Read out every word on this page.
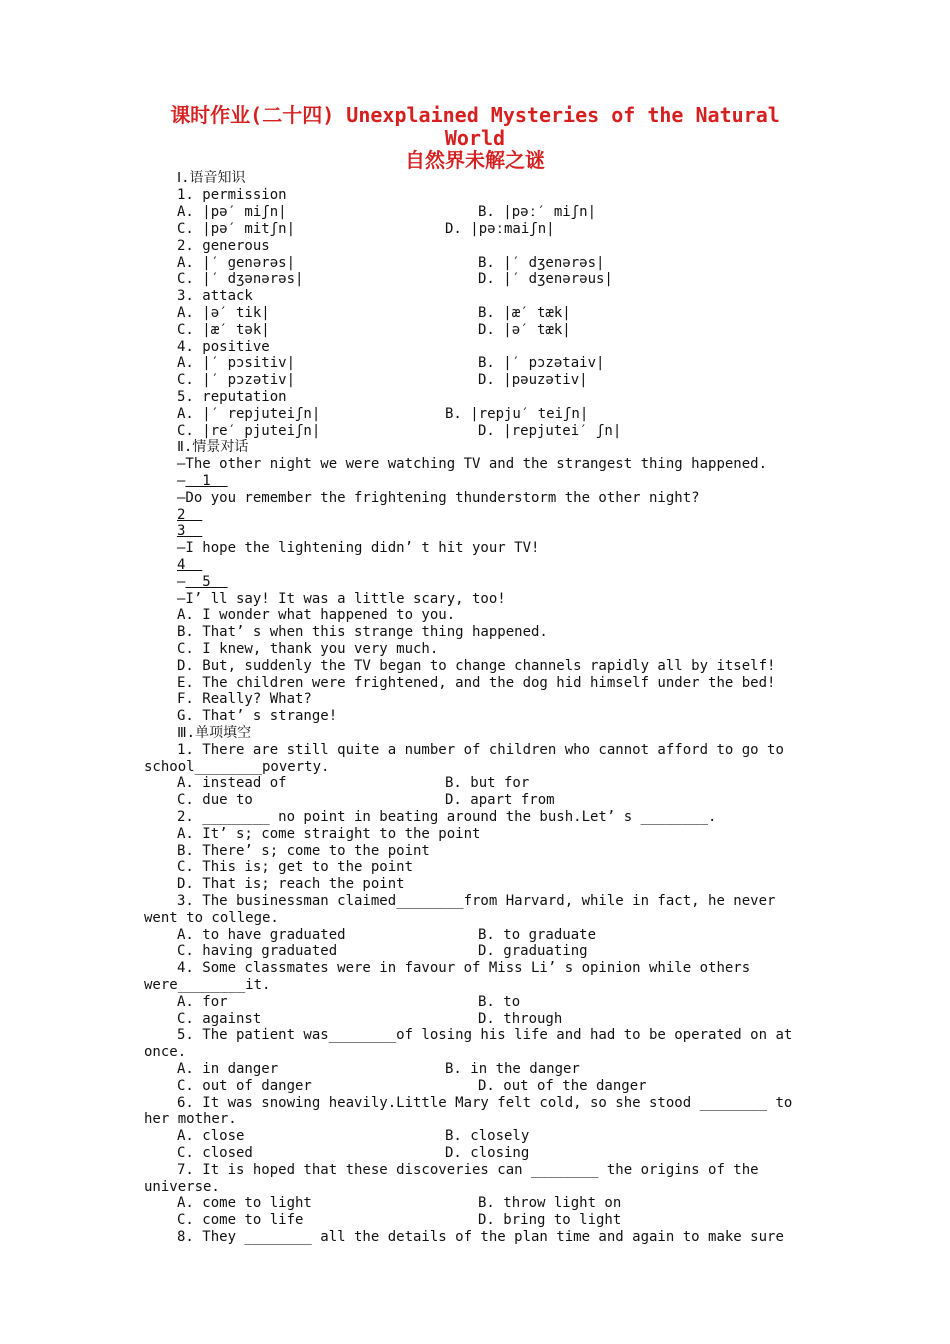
课时作业(二十四) Unexplained Mysteries of the Natural
World
自然界未解之谜
Ⅰ.语音知识
1. permission
A. |pə′ miʃn|	B. |pəː′ miʃn|
C. |pə′ mitʃn|	D. |pəːmaiʃn|
2. generous
A. |′ genərəs|	B. |′ dʒenərəs|
C. |′ dʒənərəs|	D. |′ dʒenərəus|
3. attack
A. |ə′ tik|	B. |æ′ tæk|
C. |æ′ tək|	D. |ə′ tæk|
4. positive
A. |′ pɔsitiv|	B. |′ pɔzətaiv|
C. |′ pɔzətiv|	D. |pəuzətiv|
5. reputation
A. |′ repjuteiʃn|	B. |repju′ teiʃn|
C. |re′ pjuteiʃn|	D. |repjutei′ ʃn|
Ⅱ.情景对话
—The other night we were watching TV and the strangest thing happened.
—  1
—Do you remember the frightening thunderstorm the other night?
2
3
—I hope the lightening didn’ t hit your TV!
4
—  5
—I’ ll say! It was a little scary, too!
A. I wonder what happened to you.
B. That’ s when this strange thing happened.
C. I knew, thank you very much.
D. But, suddenly the TV began to change channels rapidly all by itself!
E. The children were frightened, and the dog hid himself under the bed!
F. Really? What?
G. That’ s strange!
Ⅲ.单项填空
1. There are still quite a number of children who cannot afford to go to
school________poverty.
A. instead of	B. but for
C. due to	D. apart from
2. ________ no point in beating around the bush.Let’ s ________.
A. It’ s; come straight to the point
B. There’ s; come to the point
C. This is; get to the point
D. That is; reach the point
3. The businessman claimed________from Harvard, while in fact, he never
went to college.
A. to have graduated	B. to graduate
C. having graduated	D. graduating
4. Some classmates were in favour of Miss Li’ s opinion while others
were________it.
A. for	B. to
C. against	D. through
5. The patient was________of losing his life and had to be operated on at
once.
A. in danger	B. in the danger
C. out of danger	D. out of the danger
6. It was snowing heavily.Little Mary felt cold, so she stood ________ to
her mother.
A. close	B. closely
C. closed	D. closing
7. It is hoped that these discoveries can ________ the origins of the
universe.
A. come to light	B. throw light on
C. come to life	D. bring to light
8. They ________ all the details of the plan time and again to make sure
